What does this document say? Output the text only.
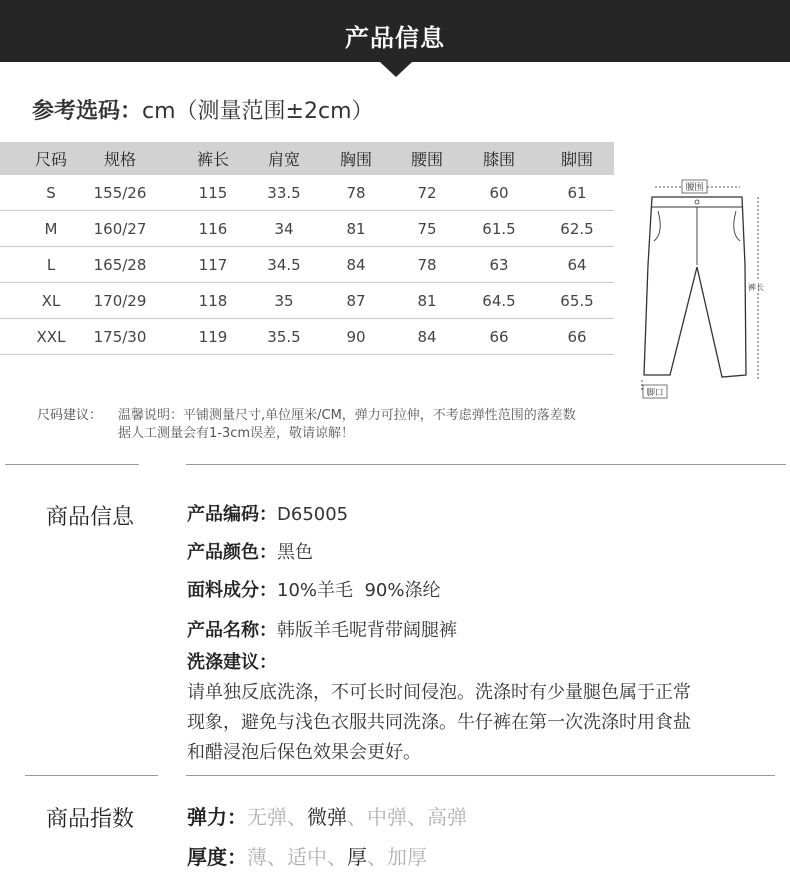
产品信息
参考选码：cm（测量范围±2cm）
尺码	规格	裤长	肩宽	胸围	腰围	膝围	脚围
S	155/26	115	33.5	78	72	60	61
M	160/27	116	34	81	75	61.5	62.5
L	165/28	117	34.5	84	78	63	64
XL	170/29	118	35	87	81	64.5	65.5
XXL	175/30	119	35.5	90	84	66	66
腰围
裤长
脚口
尺码建议： 温馨说明：平铺测量尺寸,单位厘米/CM，弹力可拉伸，不考虑弹性范围的落差数
据人工测量会有1-3cm误差，敬请谅解！
商品信息	产品编码：D65005
产品颜色：黑色
面料成分：10%羊毛  90%涤纶
产品名称：韩版羊毛呢背带阔腿裤
洗涤建议：
请单独反底洗涤，不可长时间侵泡。洗涤时有少量腿色属于正常
现象，避免与浅色衣服共同洗涤。牛仔裤在第一次洗涤时用食盐
和醋浸泡后保色效果会更好。
商品指数	弹力：无弹、微弹、中弹、高弹
厚度：薄、适中、厚、加厚
